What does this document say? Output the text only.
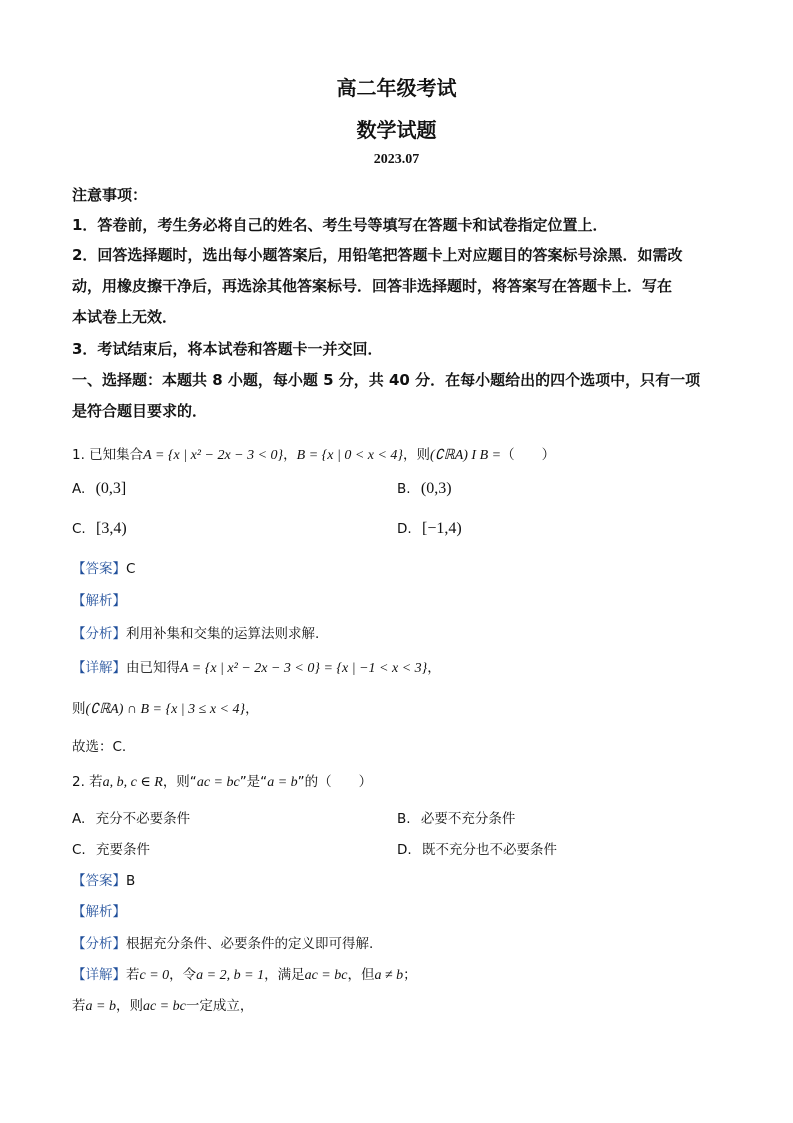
高二年级考试
数学试题
2023.07
注意事项：
1．答卷前，考生务必将自己的姓名、考生号等填写在答题卡和试卷指定位置上．
2．回答选择题时，选出每小题答案后，用铅笔把答题卡上对应题目的答案标号涂黑．如需改
动，用橡皮擦干净后，再选涂其他答案标号．回答非选择题时，将答案写在答题卡上．写在
本试卷上无效．
3．考试结束后，将本试卷和答题卡一并交回．
一、选择题：本题共 8 小题，每小题 5 分，共 40 分．在每小题给出的四个选项中，只有一项
是符合题目要求的．
1. 已知集合A = {x | x² − 2x − 3 < 0}，B = {x | 0 < x < 4}，则(∁ℝA) I B =（　　）
A. (0,3]	B. (0,3)
C. [3,4)	D. [−1,4)
【答案】C
【解析】
【分析】利用补集和交集的运算法则求解.
【详解】由已知得A = {x | x² − 2x − 3 < 0} = {x | −1 < x < 3}，
则(∁ℝA) ∩ B = {x | 3 ≤ x < 4}，
故选：C.
2. 若a, b, c ∈ R，则“ac = bc”是“a = b”的（　　）
A. 充分不必要条件	B. 必要不充分条件
C. 充要条件	D. 既不充分也不必要条件
【答案】B
【解析】
【分析】根据充分条件、必要条件的定义即可得解.
【详解】若c = 0，令a = 2, b = 1，满足ac = bc，但a ≠ b；
若a = b，则ac = bc一定成立，
